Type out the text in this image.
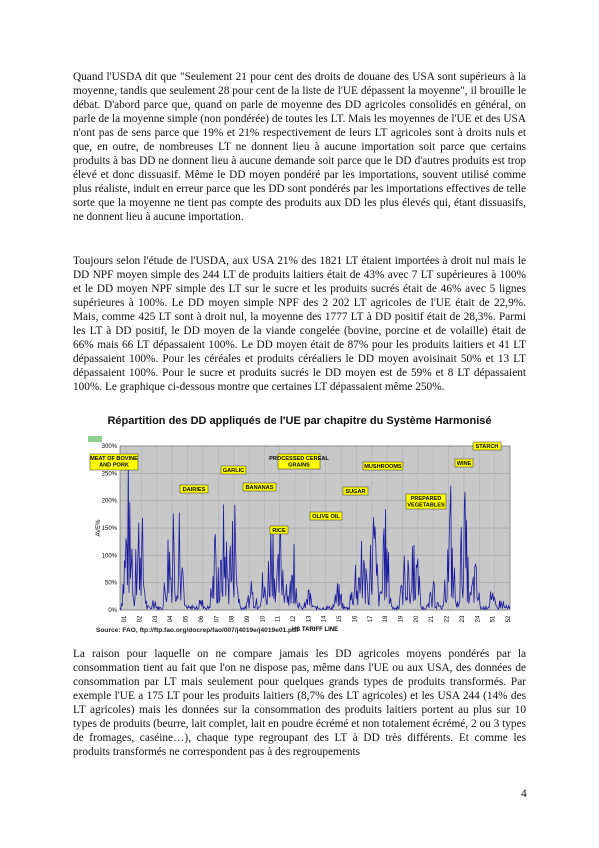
Quand l'USDA dit que "Seulement 21 pour cent des droits de douane des USA sont supérieurs à la moyenne, tandis que seulement 28 pour cent de la liste de l'UE dépassent la moyenne", il brouille le débat. D'abord parce que, quand on parle de moyenne des DD agricoles consolidés en général, on parle de la moyenne simple (non pondérée) de toutes les LT. Mais les moyennes de l'UE et des USA n'ont pas de sens parce que 19% et 21% respectivement de leurs LT agricoles sont à droits nuls et que, en outre, de nombreuses LT ne donnent lieu à aucune importation soit parce que certains produits à bas DD ne donnent lieu à aucune demande soit parce que le DD d'autres produits est trop élevé et donc dissuasif. Même le DD moyen pondéré par les importations, souvent utilisé comme plus réaliste, induit en erreur parce que les DD sont pondérés par les importations effectives de telle sorte que la moyenne ne tient pas compte des produits aux DD les plus élevés qui, étant dissuasifs, ne donnent lieu à aucune importation.

Toujours selon l'étude de l'USDA, aux USA 21% des 1821 LT étaient importées à droit nul mais le DD NPF moyen simple des 244 LT de produits laitiers était de 43% avec 7 LT supérieures à 100% et le DD moyen NPF simple des LT sur le sucre et les produits sucrés était de 46% avec 5 lignes supérieures à 100%. Le DD moyen simple NPF des 2 202 LT agricoles de l'UE était de 22,9%. Mais, comme 425 LT sont à droit nul, la moyenne des 1777 LT à DD positif était de 28,3%. Parmi les LT à DD positif, le DD moyen de la viande congelée (bovine, porcine et de volaille) était de 66% mais 66 LT dépassaient 100%. Le DD moyen était de 87% pour les produits laitiers et 41 LT dépassaient 100%. Pour les céréales et produits céréaliers le DD moyen avoisinait 50% et 13 LT dépassaient 100%. Pour le sucre et produits sucrés le DD moyen est de 59% et 8 LT dépassaient 100%. Le graphique ci-dessous montre que certaines LT dépassaient même 250%.

Répartition des DD appliqués de l'UE par chapitre du Système Harmonisé
0%
50%
100%
150%
200%
250%
300%
01 02 03 04 05 06 07 08 09 10 11 12 13 14 15 16 17 18 19 20 21 22 23 24 51 52
MEAT OF BOVINE AND PORK
GARLIC
PROCESSED CEREAL GRAINS	MUSHROOMS	WINE
STARCH
DAIRIES	BANANAS
SUGAR
PREPARED VEGETABLES
OLIVE OIL
RICE
AVE%
HS TARIFF LINE
Source: FAO, ftp://ftp.fao.org/docrep/fao/007/j4019e/j4019e01.pdf

La raison pour laquelle on ne compare jamais les DD agricoles moyens pondérés par la consommation tient au fait que l'on ne dispose pas, même dans l'UE ou aux USA, des données de consommation par LT mais seulement pour quelques grands types de produits transformés. Par exemple l'UE a 175 LT pour les produits laitiers (8,7% des LT agricoles) et les USA 244 (14% des LT agricoles) mais les données sur la consommation des produits laitiers portent au plus sur 10 types de produits (beurre, lait complet, lait en poudre écrémé et non totalement écrémé, 2 ou 3 types de fromages, caséine…), chaque type regroupant des LT à DD très différents. Et comme les produits transformés ne correspondent pas à des regroupements

4
